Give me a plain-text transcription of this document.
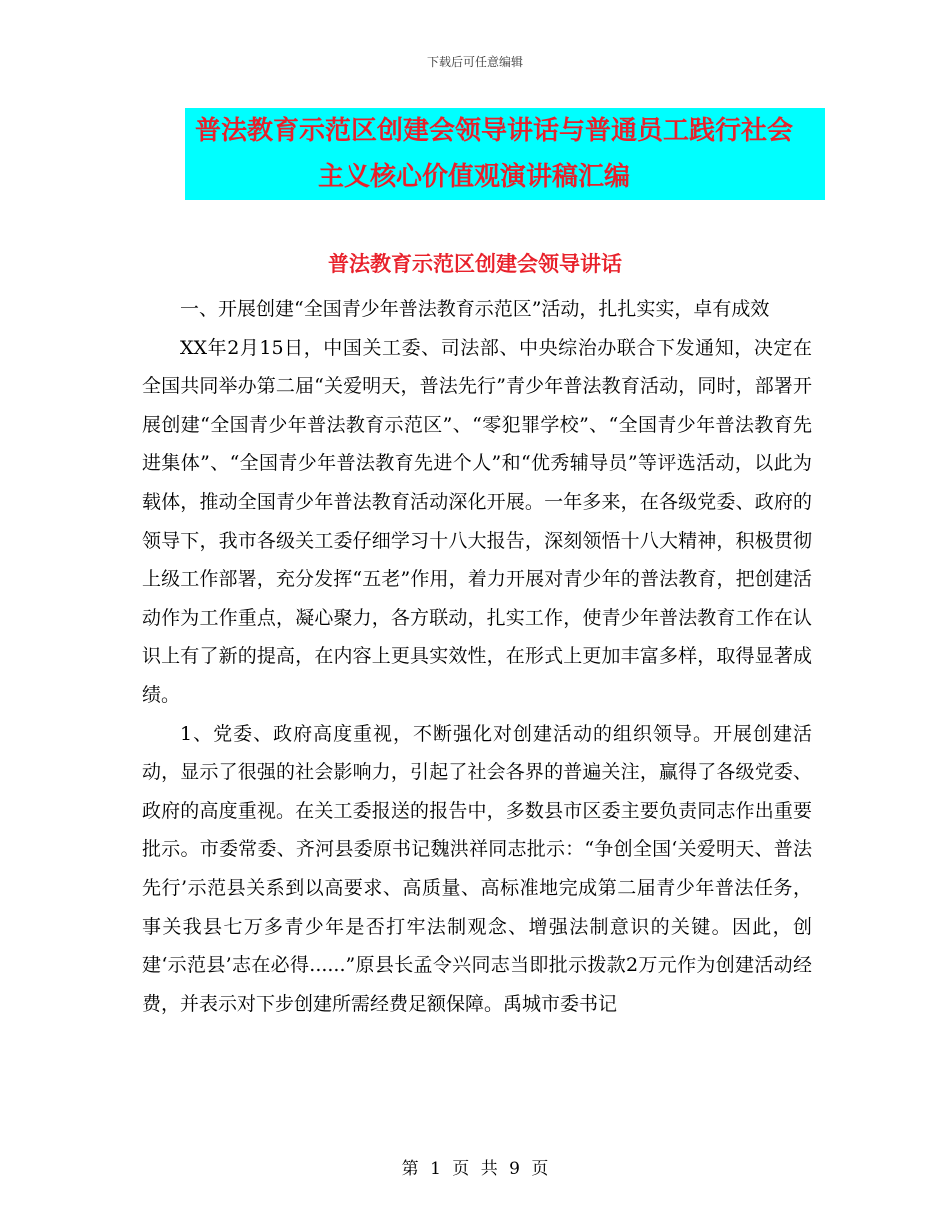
下载后可任意编辑
普法教育示范区创建会领导讲话与普通员工践行社会
主义核心价值观演讲稿汇编
普法教育示范区创建会领导讲话

一、开展创建“全国青少年普法教育示范区”活动，扎扎实实，卓有成效

XX年2月15日，中国关工委、司法部、中央综治办联合下发通知，决定在全国共同举办第二届“关爱明天，普法先行”青少年普法教育活动，同时，部署开展创建“全国青少年普法教育示范区”、“零犯罪学校”、“全国青少年普法教育先进集体”、“全国青少年普法教育先进个人”和“优秀辅导员”等评选活动，以此为载体，推动全国青少年普法教育活动深化开展。一年多来，在各级党委、政府的领导下，我市各级关工委仔细学习十八大报告，深刻领悟十八大精神，积极贯彻上级工作部署，充分发挥“五老”作用，着力开展对青少年的普法教育，把创建活动作为工作重点，凝心聚力，各方联动，扎实工作，使青少年普法教育工作在认识上有了新的提高，在内容上更具实效性，在形式上更加丰富多样，取得显著成绩。

1、党委、政府高度重视，不断强化对创建活动的组织领导。开展创建活动，显示了很强的社会影响力，引起了社会各界的普遍关注，赢得了各级党委、政府的高度重视。在关工委报送的报告中，多数县市区委主要负责同志作出重要批示。市委常委、齐河县委原书记魏洪祥同志批示：“争创全国‘关爱明天、普法先行’示范县关系到以高要求、高质量、高标准地完成第二届青少年普法任务，事关我县七万多青少年是否打牢法制观念、增强法制意识的关键。因此，创建‘示范县’志在必得......”原县长孟令兴同志当即批示拨款2万元作为创建活动经费，并表示对下步创建所需经费足额保障。禹城市委书记

第 1 页 共 9 页
